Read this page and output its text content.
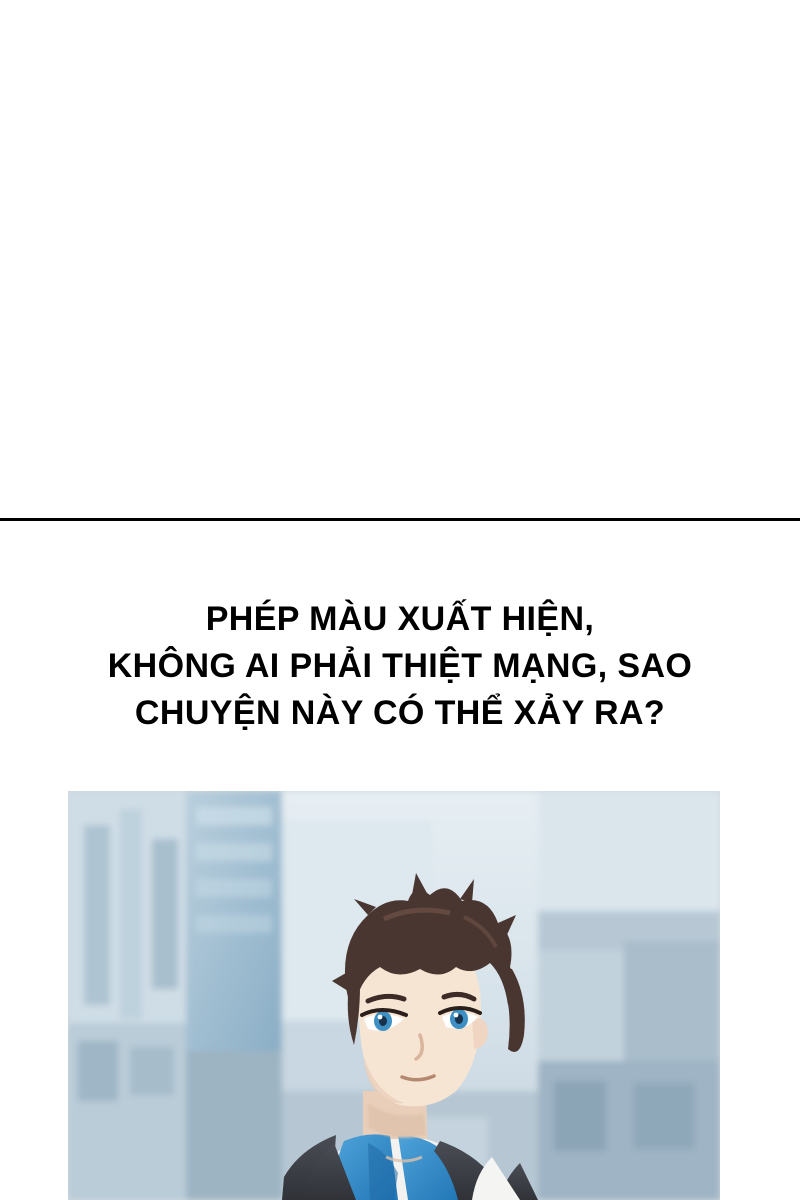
PHÉP MÀU XUẤT HIỆN,
KHÔNG AI PHẢI THIỆT MẠNG, SAO
CHUYỆN NÀY CÓ THỂ XẢY RA?
